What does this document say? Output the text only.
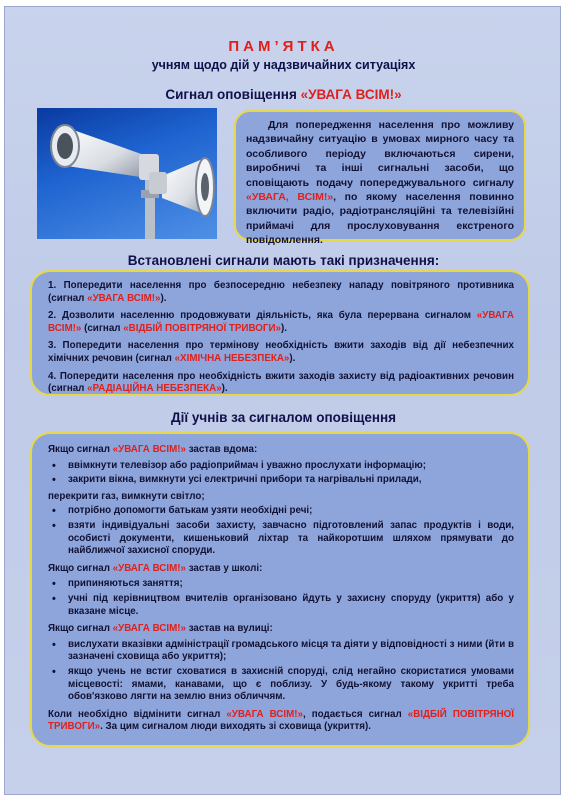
ПАМ’ЯТКА
учням щодо дій у надзвичайних ситуаціях
Сигнал оповіщення «УВАГА ВСІМ!»
Для попередження населення про можливу надзвичайну ситуацію в умовах мирного часу та особливого періоду включаються сирени, виробничі та інші сигнальні засоби, що сповіщають подачу попереджувального сигналу «УВАГА, ВСІМ!», по якому населення повинно включити радіо, радіотрансляційні та телевізійні приймачі для прослуховування екстреного повідомлення.
Встановлені сигнали мають такі призначення:

1. Попередити населення про безпосередню небезпеку нападу повітряного противника (сигнал «УВАГА ВСІМ!»).

2. Дозволити населенню продовжувати діяльність, яка була перервана сигналом «УВАГА ВСІМ!» (сигнал «ВІДБІЙ ПОВІТРЯНОЇ ТРИВОГИ»).

3. Попередити населення про термінову необхідність вжити заходів від дії небезпечних хімічних речовин (сигнал «ХІМІЧНА НЕБЕЗПЕКА»).

4. Попередити населення про необхідність вжити заходів захисту від радіоактивних речовин (сигнал «РАДІАЦІЙНА НЕБЕЗПЕКА»).

Дії учнів за сигналом оповіщення

Якщо сигнал «УВАГА ВСІМ!» застав вдома:

• ввімкнути телевізор або радіоприймач і уважно прослухати інформацію;
• закрити вікна, вимкнути усі електричні прибори та нагрівальні прилади,

перекрити газ, вимкнути світло;

• потрібно допомогти батькам узяти необхідні речі;
• взяти індивідуальні засоби захисту, завчасно підготовлений запас продуктів і води, особисті документи, кишеньковий ліхтар та найкоротшим шляхом прямувати до найближчої захисної споруди.

Якщо сигнал «УВАГА ВСІМ!» застав у школі:

• припиняються заняття;
• учні під керівництвом вчителів організовано йдуть у захисну споруду (укриття) або у вказане місце.

Якщо сигнал «УВАГА ВСІМ!» застав на вулиці:

• вислухати вказівки адміністрації громадського місця та діяти у відповідності з ними (йти в зазначені сховища або укриття);
• якщо учень не встиг сховатися в захисній споруді, слід негайно скористатися умовами місцевості: ямами, канавами, що є поблизу. У будь-якому такому укритті треба обов'язково лягти на землю вниз обличчям.

Коли необхідно відмінити сигнал «УВАГА ВСІМ!», подається сигнал «ВІДБІЙ ПОВІТРЯНОЇ ТРИВОГИ». За цим сигналом люди виходять зі сховища (укриття).
